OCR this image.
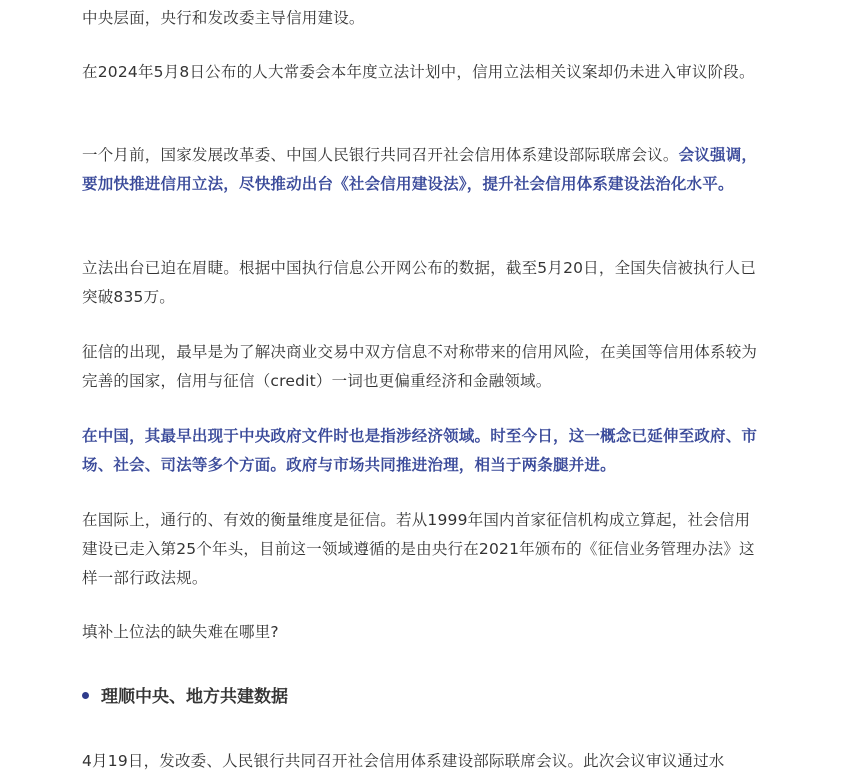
中央层面，央行和发改委主导信用建设。

在2024年5月8日公布的人大常委会本年度立法计划中，信用立法相关议案却仍未进入审议阶段。

一个月前，国家发展改革委、中国人民银行共同召开社会信用体系建设部际联席会议。会议强调，要加快推进信用立法，尽快推动出台《社会信用建设法》，提升社会信用体系建设法治化水平。

立法出台已迫在眉睫。根据中国执行信息公开网公布的数据，截至5月20日，全国失信被执行人已突破835万。

征信的出现，最早是为了解决商业交易中双方信息不对称带来的信用风险，在美国等信用体系较为完善的国家，信用与征信（credit）一词也更偏重经济和金融领域。

在中国，其最早出现于中央政府文件时也是指涉经济领域。时至今日，这一概念已延伸至政府、市场、社会、司法等多个方面。政府与市场共同推进治理，相当于两条腿并进。

在国际上，通行的、有效的衡量维度是征信。若从1999年国内首家征信机构成立算起，社会信用建设已走入第25个年头，目前这一领域遵循的是由央行在2021年颁布的《征信业务管理办法》这样一部行政法规。

填补上位法的缺失难在哪里?

理顺中央、地方共建数据

4月19日，发改委、人民银行共同召开社会信用体系建设部际联席会议。此次会议审议通过水
